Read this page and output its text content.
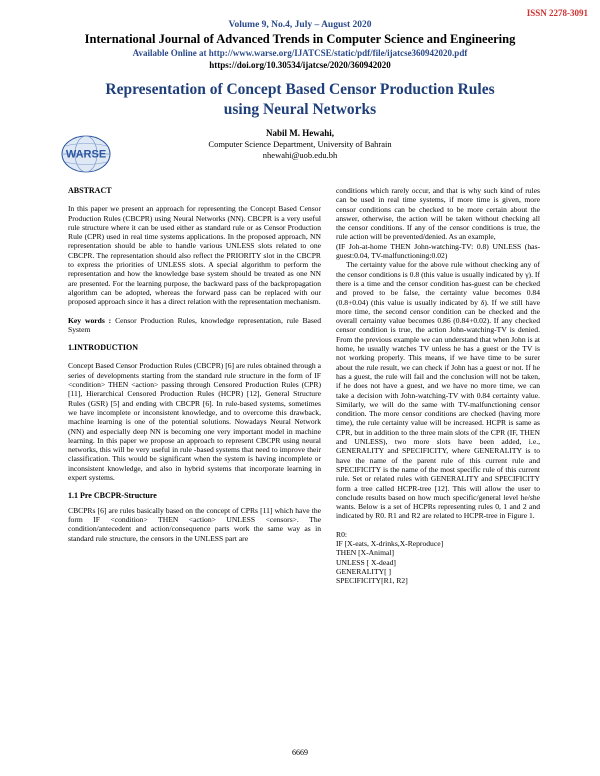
ISSN 2278-3091
Volume 9, No.4, July – August 2020
International Journal of Advanced Trends in Computer Science and Engineering
Available Online at http://www.warse.org/IJATCSE/static/pdf/file/ijatcse360942020.pdf
https://doi.org/10.30534/ijatcse/2020/360942020
Representation of Concept Based Censor Production Rules
using Neural Networks
WARSE
Nabil M. Hewahi,
Computer Science Department, University of Bahrain
nhewahi@uob.edu.bh

ABSTRACT

In this paper we present an approach for representing the Concept Based Censor Production Rules (CBCPR) using Neural Networks (NN). CBCPR is a very useful rule structure where it can be used either as standard rule or as Censor Production Rule (CPR) used in real time systems applications. In the proposed approach, NN representation should be able to handle various UNLESS slots related to one CBCPR. The representation should also reflect the PRIORITY slot in the CBCPR to express the priorities of UNLESS slots. A special algorithm to perform the representation and how the knowledge base system should be treated as one NN are presented. For the learning purpose, the backward pass of the backpropagation algorithm can be adopted, whereas the forward pass can be replaced with our proposed approach since it has a direct relation with the representation mechanism.

Key words : Censor Production Rules, knowledge representation, rule Based System

1.INTRODUCTION

Concept Based Censor Production Rules (CBCPR) [6] are rules obtained through a series of developments starting from the standard rule structure in the form of IF <condition> THEN <action> passing through Censored Production Rules (CPR) [11], Hierarchical Censored Production Rules (HCPR) [12], General Structure Rules (GSR) [5] and ending with CBCPR [6]. In rule-based systems, sometimes we have incomplete or inconsistent knowledge, and to overcome this drawback, machine learning is one of the potential solutions. Nowadays Neural Network (NN) and especially deep NN is becoming one very important model in machine learning. In this paper we propose an approach to represent CBCPR using neural networks, this will be very useful in rule -based systems that need to improve their classification. This would be significant when the system is having incomplete or inconsistent knowledge, and also in hybrid systems that incorporate learning in expert systems.

1.1 Pre CBCPR-Structure

CBCPRs [6] are rules basically based on the concept of CPRs [11] which have the form IF <condition> THEN <action> UNLESS <censors>. The condition/antecedent and action/consequence parts work the same way as in standard rule structure, the censors in the UNLESS part are

conditions which rarely occur, and that is why such kind of rules can be used in real time systems, if more time is given, more censor conditions can be checked to be more certain about the answer, otherwise, the action will be taken without checking all the censor conditions. If any of the censor conditions is true, the rule action will be prevented/denied. As an example,

(IF Joh-at-home THEN John-watching-TV: 0.8) UNLESS (has-guest:0.04, TV-malfunctioning:0.02)

The certainty value for the above rule without checking any of the censor conditions is 0.8 (this value is usually indicated by γ). If there is a time and the censor condition has-guest can be checked and proved to be false, the certainty value becomes 0.84 (0.8+0.04) (this value is usually indicated by δ). If we still have more time, the second censor condition can be checked and the overall certainty value becomes 0.86 (0.84+0.02). If any checked censor condition is true, the action John-watching-TV is denied. From the previous example we can understand that when John is at home, he usually watches TV unless he has a guest or the TV is not working properly. This means, if we have time to be surer about the rule result, we can check if John has a guest or not. If he has a guest, the rule will fail and the conclusion will not be taken, if he does not have a guest, and we have no more time, we can take a decision with John-watching-TV with 0.84 certainty value. Similarly, we will do the same with TV-malfunctioning censor condition. The more censor conditions are checked (having more time), the rule certainty value will be increased. HCPR is same as CPR, but in addition to the three main slots of the CPR (IF, THEN and UNLESS), two more slots have been added, i.e., GENERALITY and SPECIFICITY, where GENERALITY is to have the name of the parent rule of this current rule and SPECIFICITY is the name of the most specific rule of this current rule. Set or related rules with GENERALITY and SPECIFICITY form a tree called HCPR-tree [12]. This will allow the user to conclude results based on how much specific/general level he/she wants. Below is a set of HCPRs representing rules 0, 1 and 2 and indicated by R0. R1 and R2 are related to HCPR-tree in Figure 1.

R0:

IF [X-eats, X-drinks,X-Reproduce]

THEN [X-Animal]

UNLESS [ X-dead]

GENERALITY[ ]

SPECIFICITY[R1, R2]

6669
